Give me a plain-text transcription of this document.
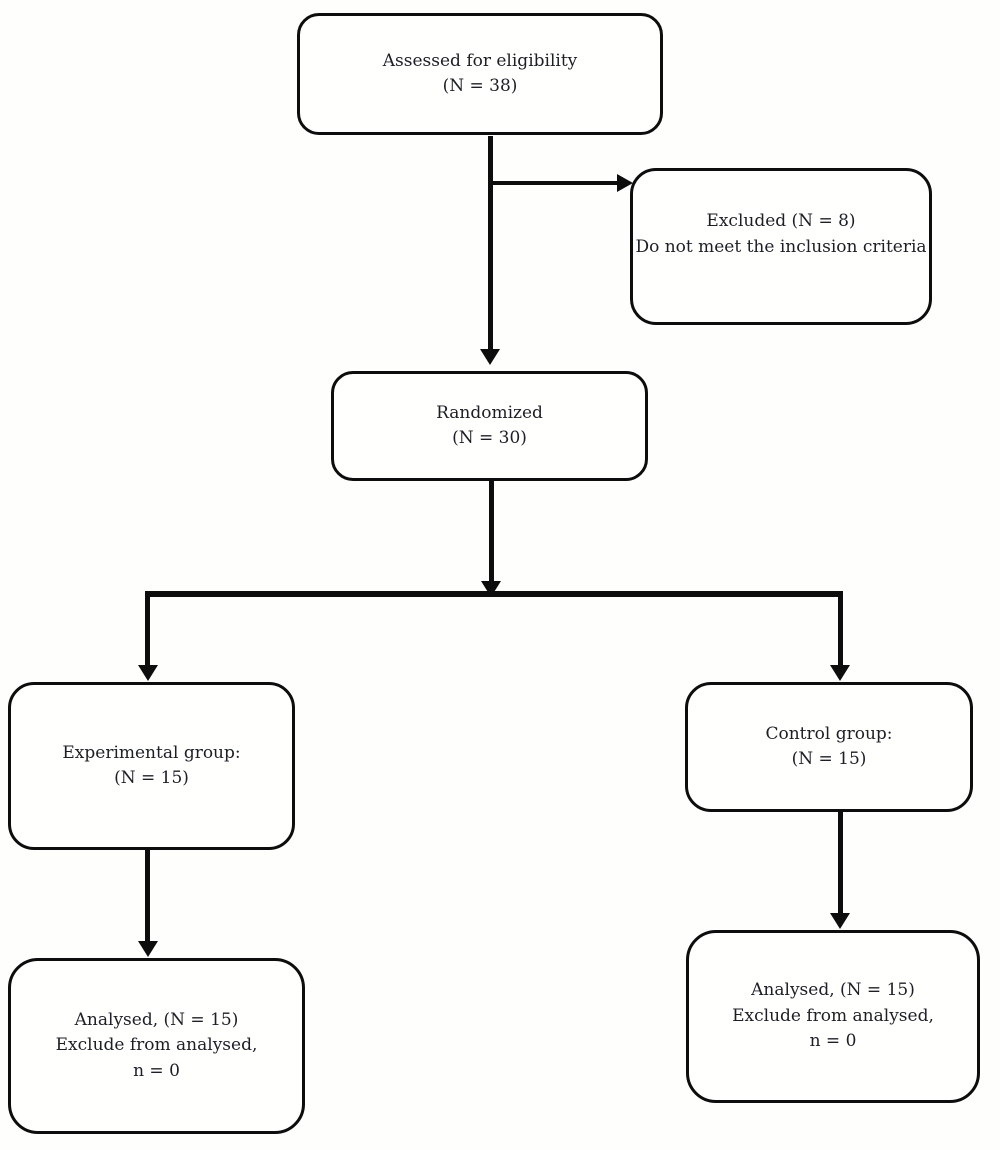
Assessed for eligibility
(N = 38)
Excluded (N = 8)
Do not meet the inclusion criteria
Randomized
(N = 30)
Experimental group:
(N = 15)
Control group:
(N = 15)
Analysed, (N = 15)
Exclude from analysed,
n = 0
Analysed, (N = 15)
Exclude from analysed,
n = 0
